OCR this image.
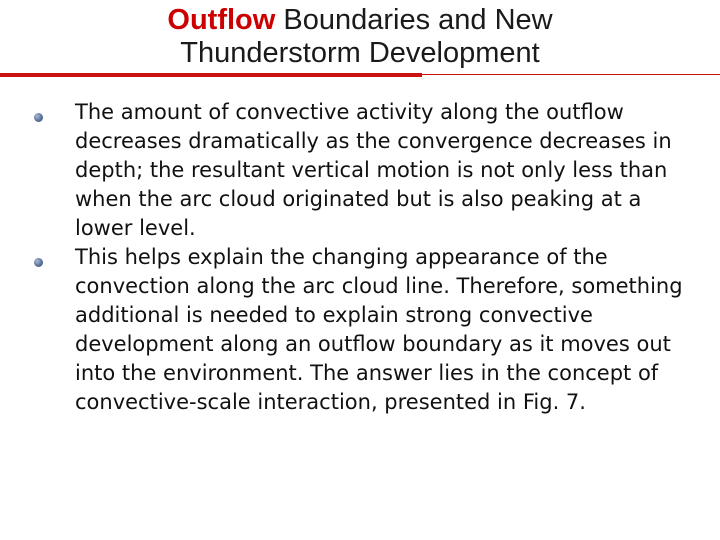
Outflow Boundaries and New
Thunderstorm Development
The amount of convective activity along the outflow decreases dramatically as the convergence decreases in depth; the resultant vertical motion is not only less than when the arc cloud originated but is also peaking at a lower level.
This helps explain the changing appearance of the convection along the arc cloud line. Therefore, something additional is needed to explain strong convective development along an outflow boundary as it moves out into the environment. The answer lies in the concept of convective-scale interaction, presented in Fig. 7.
